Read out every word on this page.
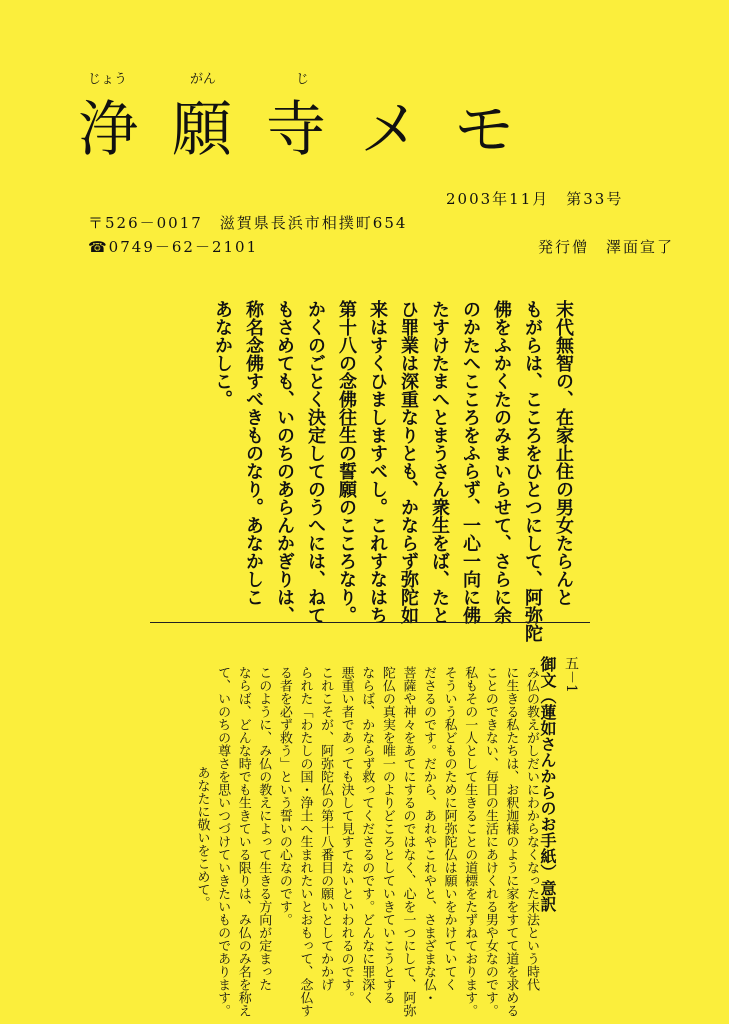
じょう	がん	じ
浄願寺メモ
2003年11月　第33号
〒526－0017　滋賀県長浜市相撲町654
☎0749－62－2101	発行僧　澤面宣了

末代無智の、在家止住の男女たらんと

もがらは、こころをひとつにして、阿弥陀

佛をふかくたのみまいらせて、さらに余

のかたへこころをふらず、一心一向に佛

たすけたまへとまうさん衆生をば、たと

ひ罪業は深重なりとも、かならず弥陀如

来はすくひましますべし。これすなはち

第十八の念佛往生の誓願のこころなり。

かくのごとく決定してのうへには、ねて

もさめても、いのちのあらんかぎりは、

称名念佛すべきものなり。あなかしこ

あなかしこ。

五－1

御文（蓮如さんからのお手紙）意訳

み仏の教えがしだいにわからなくなった末法という時代

に生きる私たちは、お釈迦様のように家をすてて道を求める

ことのできない、毎日の生活にあけくれる男や女なのです。

私もその一人として生きることの道標をたずねております。

そういう私どものために阿弥陀仏は願いをかけていてく

ださるのです。だから、あれやこれやと、さまざまな仏・

菩薩や神々をあてにするのではなく、心を一つにして、阿弥

陀仏の真実を唯一のよりどころとしていきていこうとする

ならば、かならず救ってくださるのです。どんなに罪深く

悪重い者であっても決して見すてないといわれるのです。

これこそが、阿弥陀仏の第十八番目の願いとしてかかげ

られた「わたしの国・浄土へ生まれたいとおもって、念仏す

る者を必ず救う」という誓いの心なのです。

このように、み仏の教えによって生きる方向が定まった

ならば、どんな時でも生きている限りは、み仏のみ名を称え

て、いのちの尊さを思いつづけていきたいものであります。

あなたに敬いをこめて。
